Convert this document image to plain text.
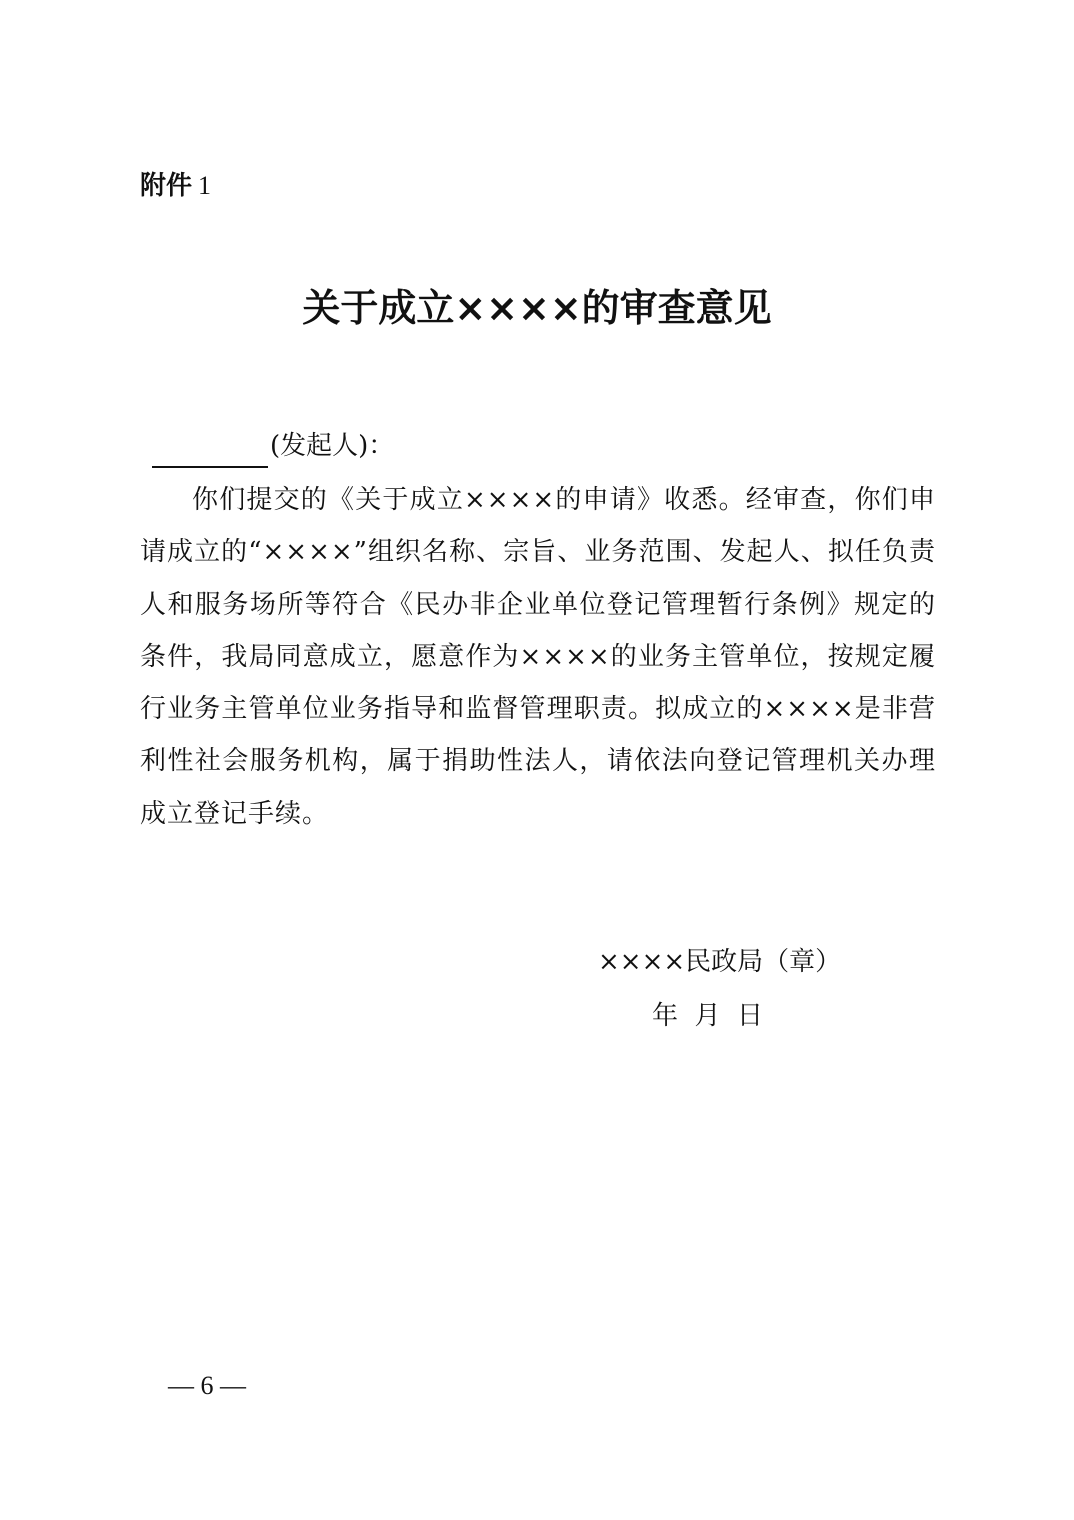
附件 1
关于成立××××的审查意见
(发起人)：
你们提交的《关于成立××××的申请》收悉。经审查，你们申请成立的“××××”组织名称、宗旨、业务范围、发起人、拟任负责人和服务场所等符合《民办非企业单位登记管理暂行条例》规定的条件，我局同意成立，愿意作为××××的业务主管单位，按规定履行业务主管单位业务指导和监督管理职责。拟成立的××××是非营利性社会服务机构，属于捐助性法人，请依法向登记管理机关办理成立登记手续。
××××民政局（章）
年  月  日
— 6 —
